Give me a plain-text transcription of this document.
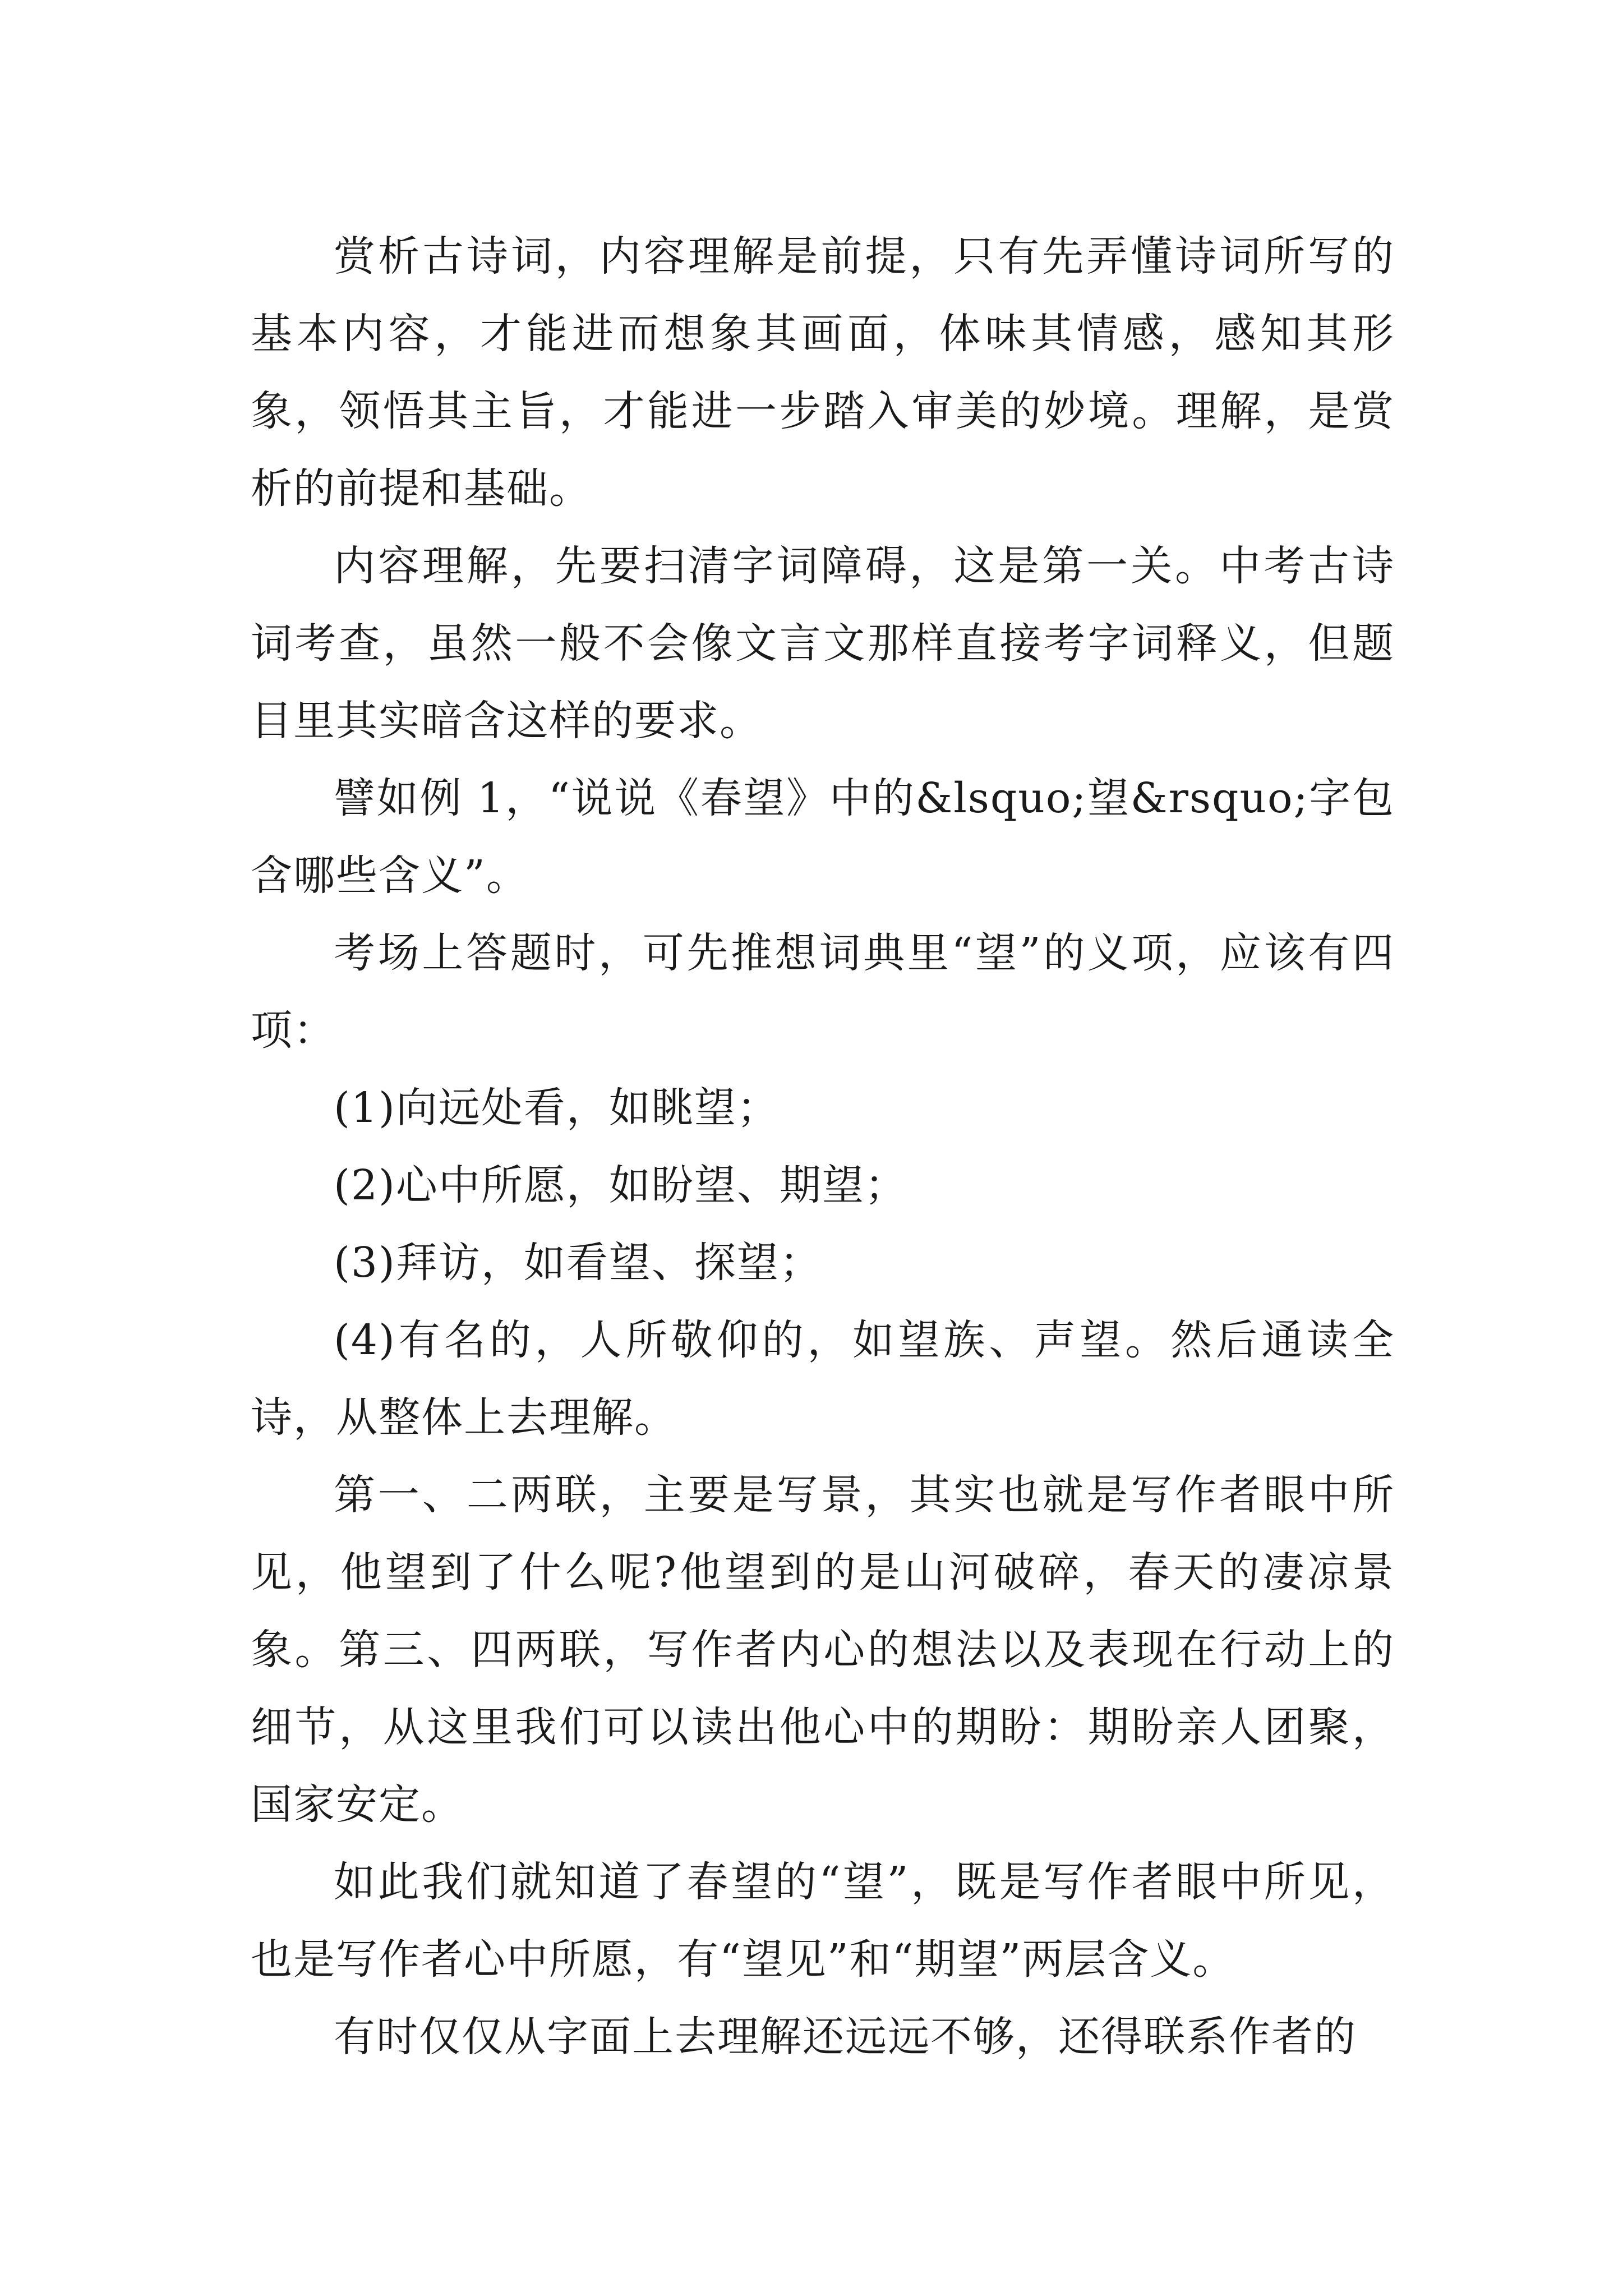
赏析古诗词，内容理解是前提，只有先弄懂诗词所写的基本内容，才能进而想象其画面，体味其情感，感知其形象，领悟其主旨，才能进一步踏入审美的妙境。理解，是赏析的前提和基础。

内容理解，先要扫清字词障碍，这是第一关。中考古诗词考查，虽然一般不会像文言文那样直接考字词释义，但题目里其实暗含这样的要求。

譬如例 1，“说说《春望》中的&lsquo;望&rsquo;字包含哪些含义”。

考场上答题时，可先推想词典里“望”的义项，应该有四项：

(1)向远处看，如眺望；

(2)心中所愿，如盼望、期望；

(3)拜访，如看望、探望；

(4)有名的，人所敬仰的，如望族、声望。然后通读全诗，从整体上去理解。

第一、二两联，主要是写景，其实也就是写作者眼中所见，他望到了什么呢?他望到的是山河破碎，春天的凄凉景象。第三、四两联，写作者内心的想法以及表现在行动上的细节，从这里我们可以读出他心中的期盼：期盼亲人团聚，国家安定。

如此我们就知道了春望的“望”，既是写作者眼中所见，也是写作者心中所愿，有“望见”和“期望”两层含义。

有时仅仅从字面上去理解还远远不够，还得联系作者的
